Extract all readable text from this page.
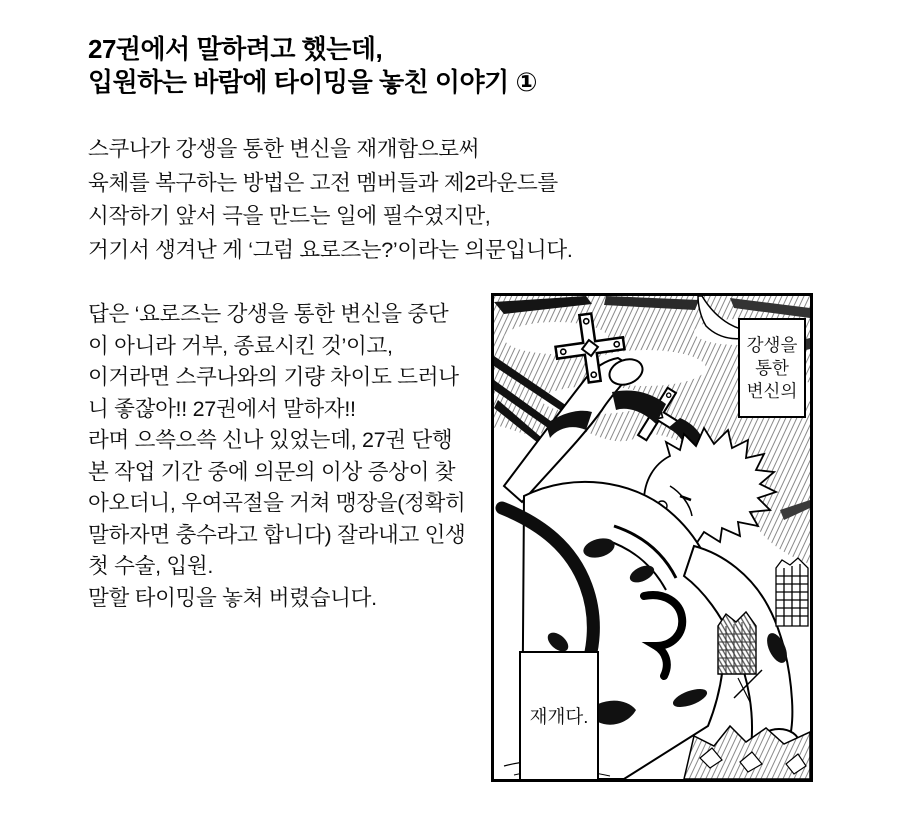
27권에서 말하려고 했는데,
입원하는 바람에 타이밍을 놓친 이야기 ①
스쿠나가 강생을 통한 변신을 재개함으로써
육체를 복구하는 방법은 고전 멤버들과 제2라운드를
시작하기 앞서 극을 만드는 일에 필수였지만,
거기서 생겨난 게 ‘그럼 요로즈는?’이라는 의문입니다.
답은 ‘요로즈는 강생을 통한 변신을 중단
이 아니라 거부, 종료시킨 것’이고,
이거라면 스쿠나와의 기량 차이도 드러나
니 좋잖아!! 27권에서 말하자!!
라며 으쓱으쓱 신나 있었는데, 27권 단행
본 작업 기간 중에 의문의 이상 증상이 찾
아오더니, 우여곡절을 거쳐 맹장을(정확히
말하자면 충수라고 합니다) 잘라내고 인생
첫 수술, 입원.
말할 타이밍을 놓쳐 버렸습니다.
강생을
통한
변신의
재개다.
